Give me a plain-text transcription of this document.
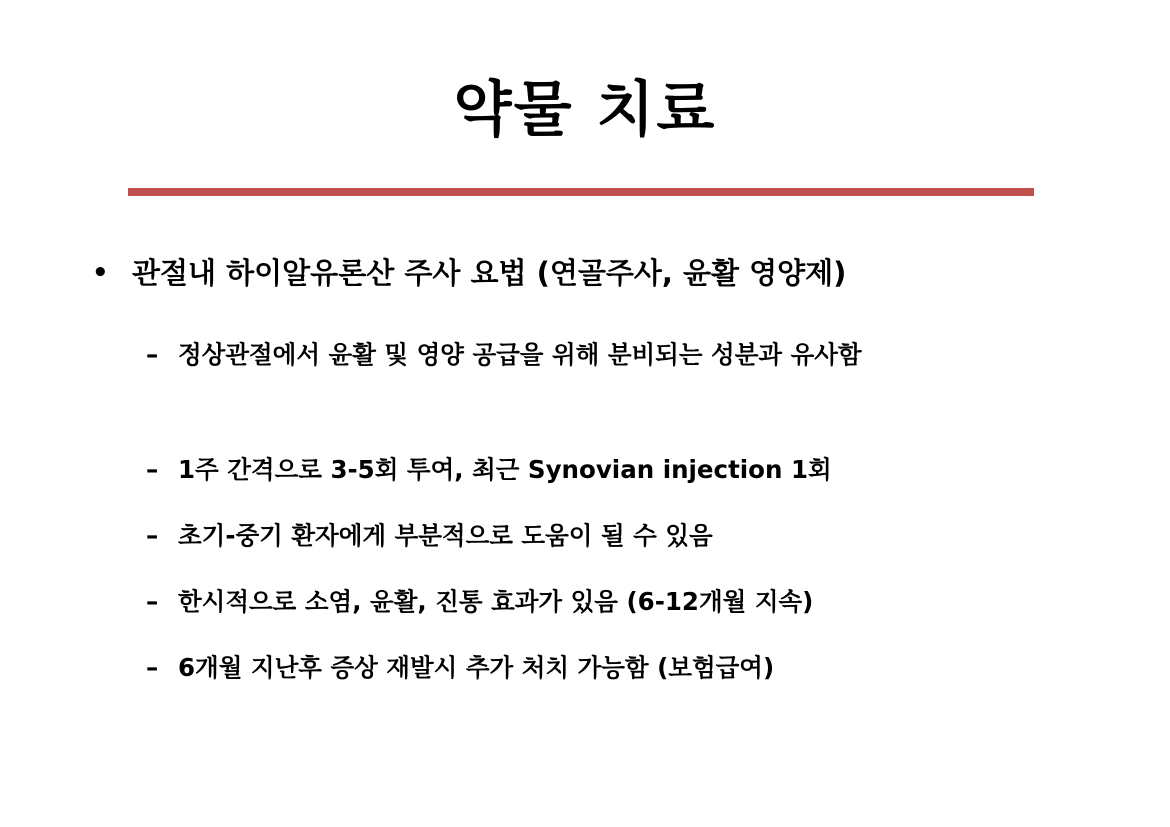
약물 치료
• 관절내 하이알유론산 주사 요법 (연골주사, 윤활 영양제)
– 정상관절에서 윤활 및 영양 공급을 위해 분비되는 성분과 유사함
– 1주 간격으로 3-5회 투여, 최근 Synovian injection 1회
– 초기-중기 환자에게 부분적으로 도움이 될 수 있음
– 한시적으로 소염, 윤활, 진통 효과가 있음 (6-12개월 지속)
– 6개월 지난후 증상 재발시 추가 처치 가능함 (보험급여)
